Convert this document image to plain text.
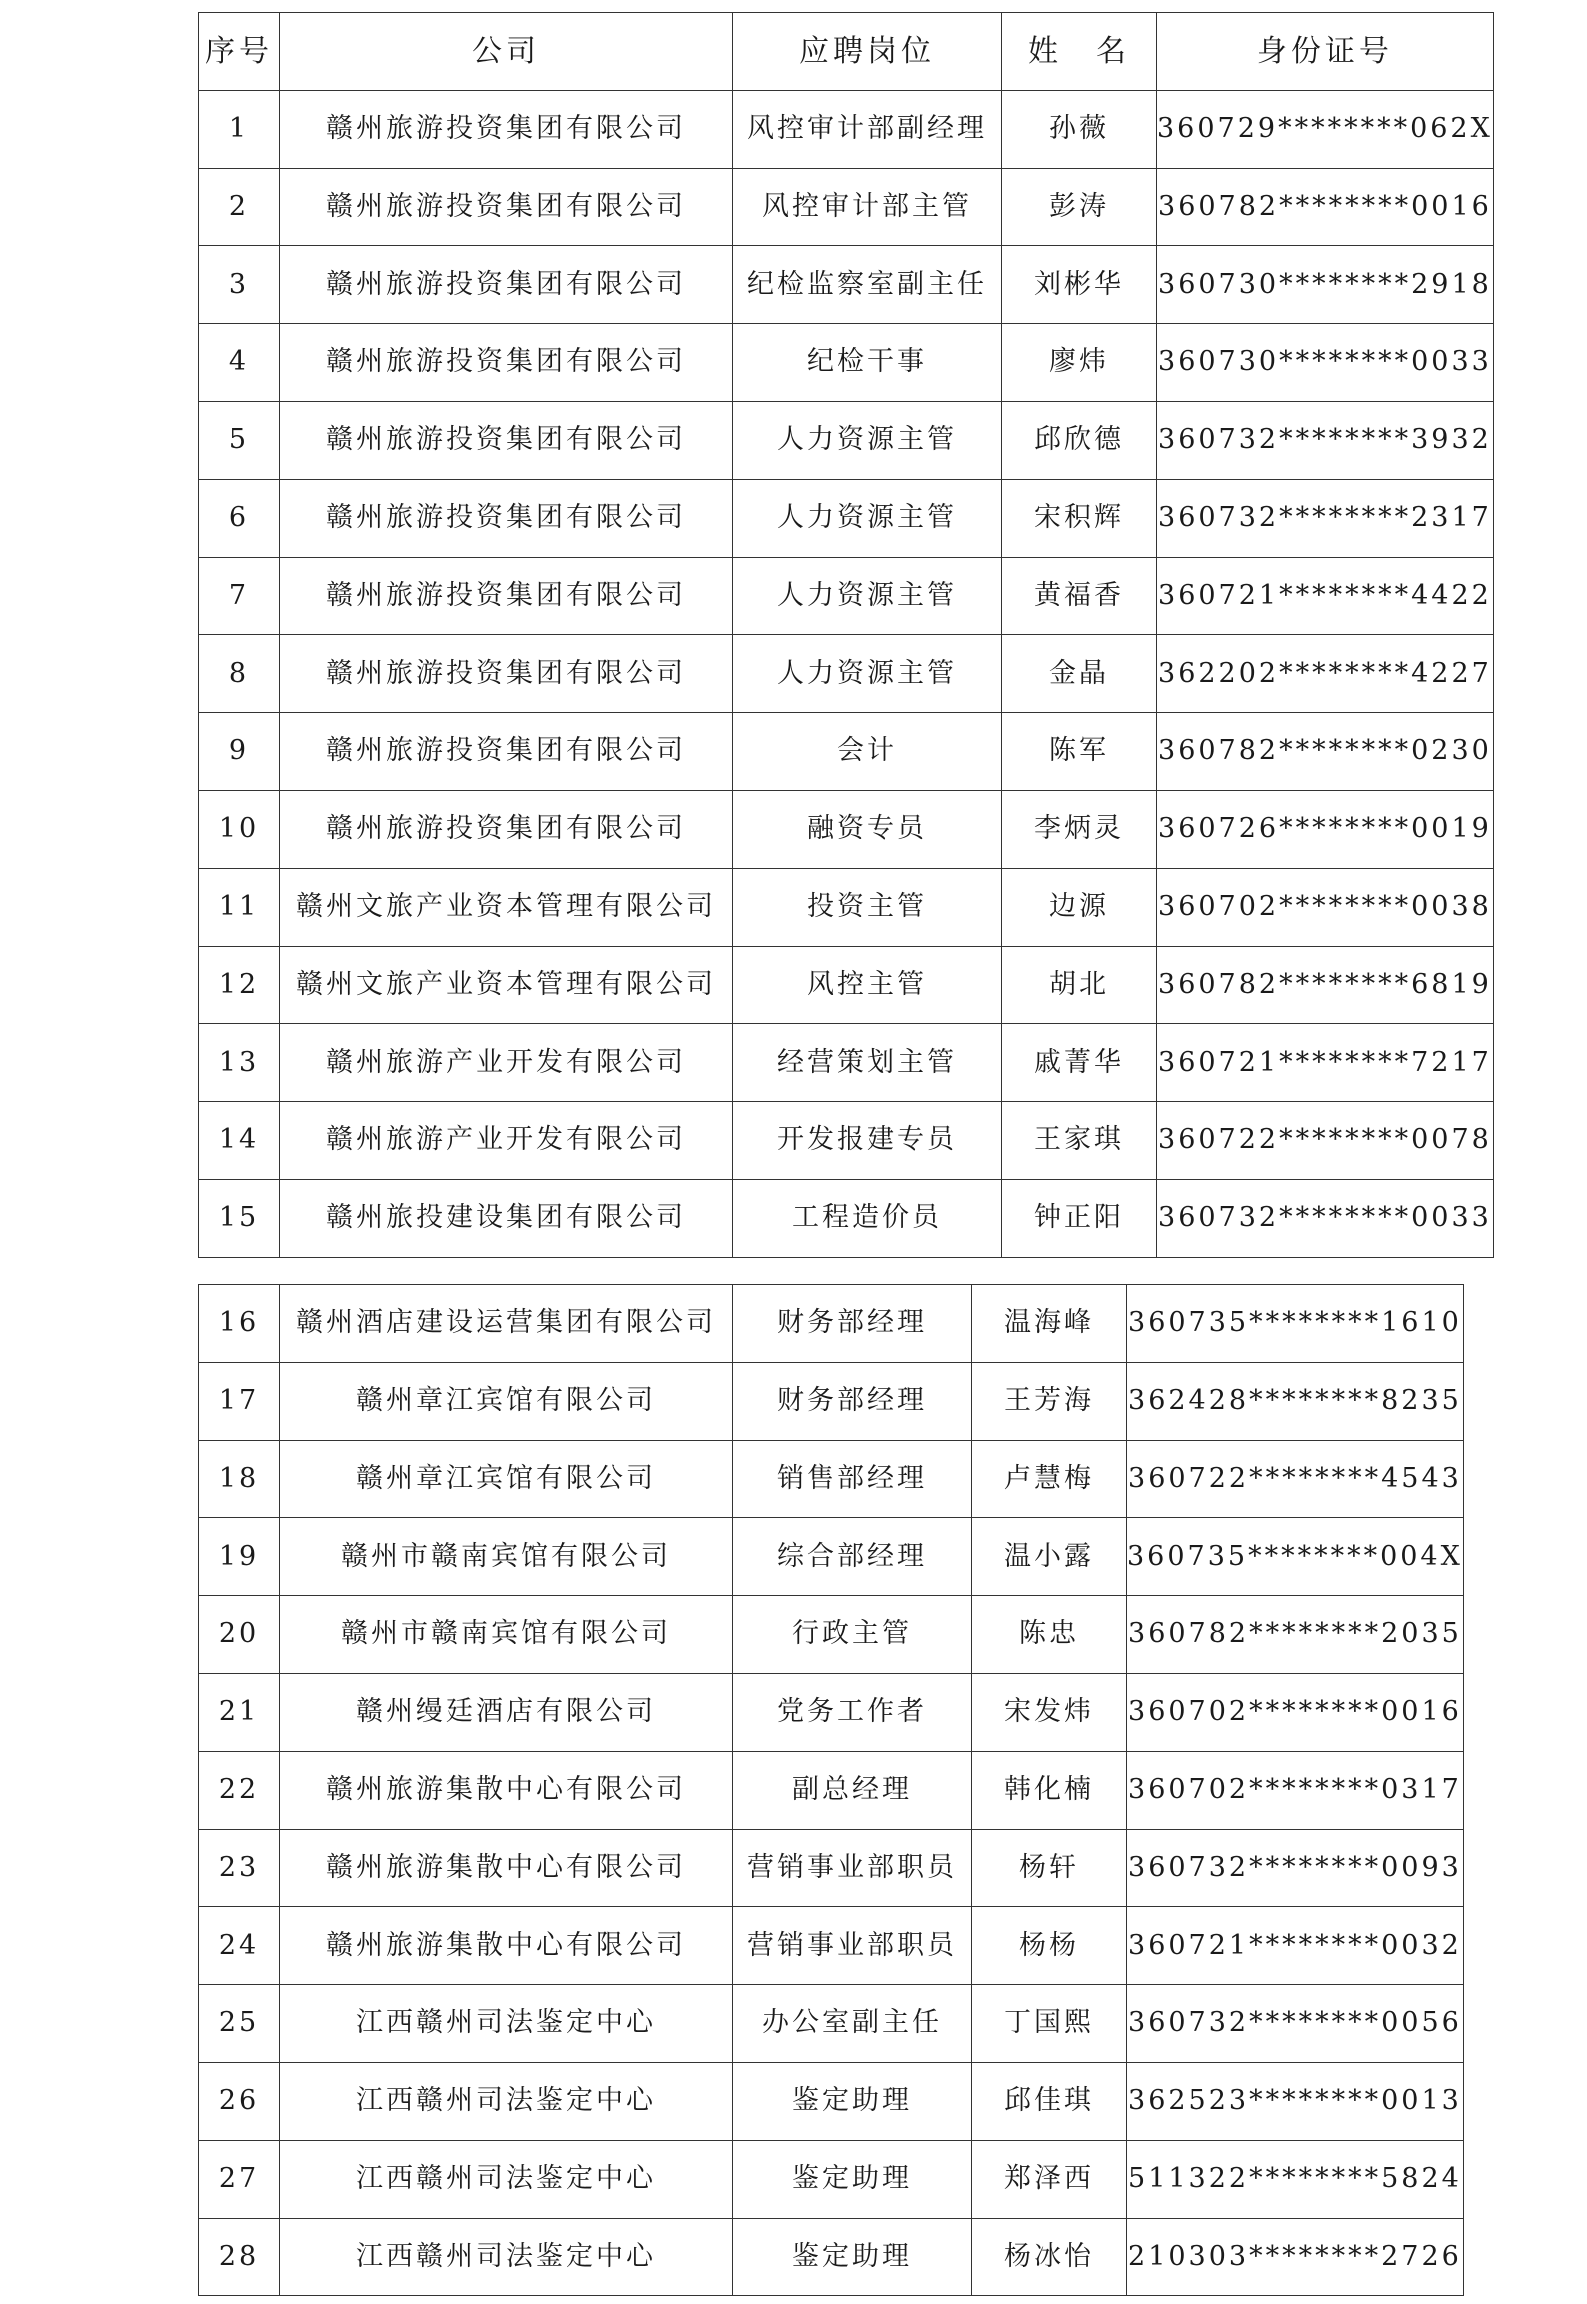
序号	公司	应聘岗位	姓　名	身份证号
1	赣州旅游投资集团有限公司	风控审计部副经理	孙薇	360729********062X
2	赣州旅游投资集团有限公司	风控审计部主管	彭涛	360782********0016
3	赣州旅游投资集团有限公司	纪检监察室副主任	刘彬华	360730********2918
4	赣州旅游投资集团有限公司	纪检干事	廖炜	360730********0033
5	赣州旅游投资集团有限公司	人力资源主管	邱欣德	360732********3932
6	赣州旅游投资集团有限公司	人力资源主管	宋积辉	360732********2317
7	赣州旅游投资集团有限公司	人力资源主管	黄福香	360721********4422
8	赣州旅游投资集团有限公司	人力资源主管	金晶	362202********4227
9	赣州旅游投资集团有限公司	会计	陈军	360782********0230
10	赣州旅游投资集团有限公司	融资专员	李炳灵	360726********0019
11	赣州文旅产业资本管理有限公司	投资主管	边源	360702********0038
12	赣州文旅产业资本管理有限公司	风控主管	胡北	360782********6819
13	赣州旅游产业开发有限公司	经营策划主管	戚菁华	360721********7217
14	赣州旅游产业开发有限公司	开发报建专员	王家琪	360722********0078
15	赣州旅投建设集团有限公司	工程造价员	钟正阳	360732********0033
16	赣州酒店建设运营集团有限公司	财务部经理	温海峰	360735********1610
17	赣州章江宾馆有限公司	财务部经理	王芳海	362428********8235
18	赣州章江宾馆有限公司	销售部经理	卢慧梅	360722********4543
19	赣州市赣南宾馆有限公司	综合部经理	温小露	360735********004X
20	赣州市赣南宾馆有限公司	行政主管	陈忠	360782********2035
21	赣州缦廷酒店有限公司	党务工作者	宋发炜	360702********0016
22	赣州旅游集散中心有限公司	副总经理	韩化楠	360702********0317
23	赣州旅游集散中心有限公司	营销事业部职员	杨轩	360732********0093
24	赣州旅游集散中心有限公司	营销事业部职员	杨杨	360721********0032
25	江西赣州司法鉴定中心	办公室副主任	丁国熙	360732********0056
26	江西赣州司法鉴定中心	鉴定助理	邱佳琪	362523********0013
27	江西赣州司法鉴定中心	鉴定助理	郑泽西	511322********5824
28	江西赣州司法鉴定中心	鉴定助理	杨冰怡	210303********2726
